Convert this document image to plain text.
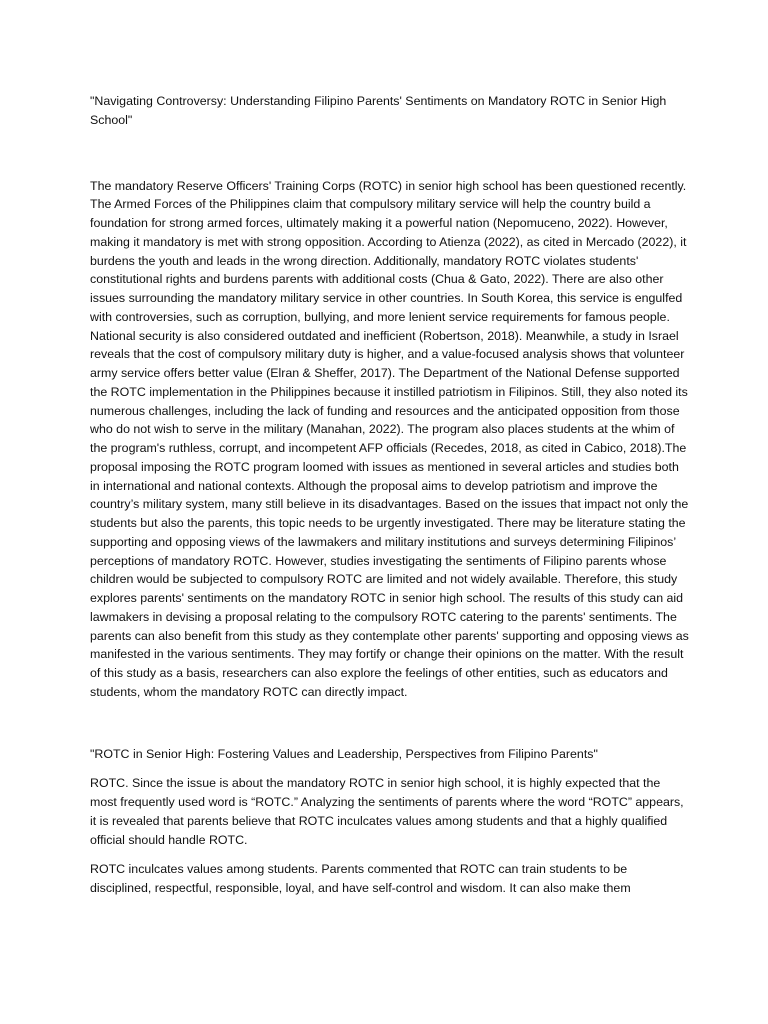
"Navigating Controversy: Understanding Filipino Parents' Sentiments on Mandatory ROTC in Senior High School"

The mandatory Reserve Officers' Training Corps (ROTC) in senior high school has been questioned recently. The Armed Forces of the Philippines claim that compulsory military service will help the country build a foundation for strong armed forces, ultimately making it a powerful nation (Nepomuceno, 2022). However, making it mandatory is met with strong opposition. According to Atienza (2022), as cited in Mercado (2022), it burdens the youth and leads in the wrong direction. Additionally, mandatory ROTC violates students' constitutional rights and burdens parents with additional costs (Chua & Gato, 2022). There are also other issues surrounding the mandatory military service in other countries. In South Korea, this service is engulfed with controversies, such as corruption, bullying, and more lenient service requirements for famous people. National security is also considered outdated and inefficient (Robertson, 2018). Meanwhile, a study in Israel reveals that the cost of compulsory military duty is higher, and a value-focused analysis shows that volunteer army service offers better value (Elran & Sheffer, 2017). The Department of the National Defense supported the ROTC implementation in the Philippines because it instilled patriotism in Filipinos. Still, they also noted its numerous challenges, including the lack of funding and resources and the anticipated opposition from those who do not wish to serve in the military (Manahan, 2022). The program also places students at the whim of the program's ruthless, corrupt, and incompetent AFP officials (Recedes, 2018, as cited in Cabico, 2018).The proposal imposing the ROTC program loomed with issues as mentioned in several articles and studies both in international and national contexts. Although the proposal aims to develop patriotism and improve the country’s military system, many still believe in its disadvantages. Based on the issues that impact not only the students but also the parents, this topic needs to be urgently investigated. There may be literature stating the supporting and opposing views of the lawmakers and military institutions and surveys determining Filipinos’ perceptions of mandatory ROTC. However, studies investigating the sentiments of Filipino parents whose children would be subjected to compulsory ROTC are limited and not widely available. Therefore, this study explores parents' sentiments on the mandatory ROTC in senior high school. The results of this study can aid lawmakers in devising a proposal relating to the compulsory ROTC catering to the parents' sentiments. The parents can also benefit from this study as they contemplate other parents' supporting and opposing views as manifested in the various sentiments. They may fortify or change their opinions on the matter. With the result of this study as a basis, researchers can also explore the feelings of other entities, such as educators and students, whom the mandatory ROTC can directly impact.

"ROTC in Senior High: Fostering Values and Leadership, Perspectives from Filipino Parents"

ROTC. Since the issue is about the mandatory ROTC in senior high school, it is highly expected that the most frequently used word is “ROTC.” Analyzing the sentiments of parents where the word “ROTC” appears, it is revealed that parents believe that ROTC inculcates values among students and that a highly qualified official should handle ROTC.

ROTC inculcates values among students. Parents commented that ROTC can train students to be disciplined, respectful, responsible, loyal, and have self-control and wisdom. It can also make them
